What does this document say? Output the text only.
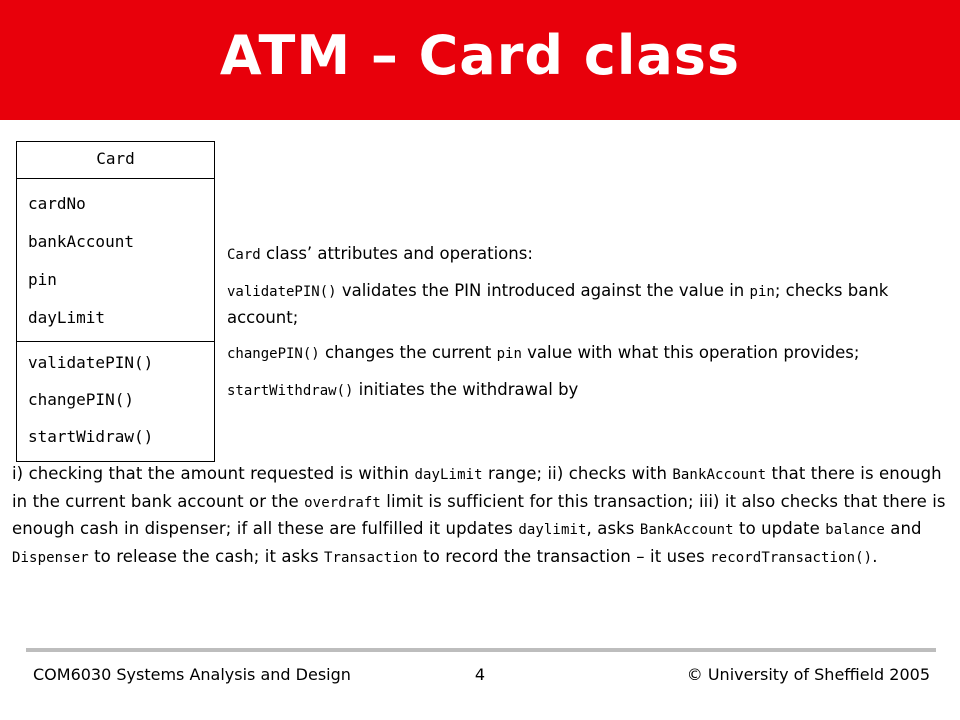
ATM – Card class
Card
cardNo
bankAccount
pin
dayLimit
validatePIN()
changePIN()
startWidraw()

Card class’ attributes and operations:

validatePIN() validates the PIN introduced against the value in pin; checks bank account;

changePIN() changes the current pin value with what this operation provides;

startWithdraw() initiates the withdrawal by

i) checking that the amount requested is within dayLimit range; ii) checks with BankAccount that there is enough in the current bank account or the overdraft limit is sufficient for this transaction; iii) it also checks that there is enough cash in dispenser; if all these are fulfilled it updates daylimit, asks BankAccount to update balance and Dispenser to release the cash; it asks Transaction to record the transaction – it uses recordTransaction().
COM6030 Systems Analysis and Design	4	© University of Sheffield 2005
